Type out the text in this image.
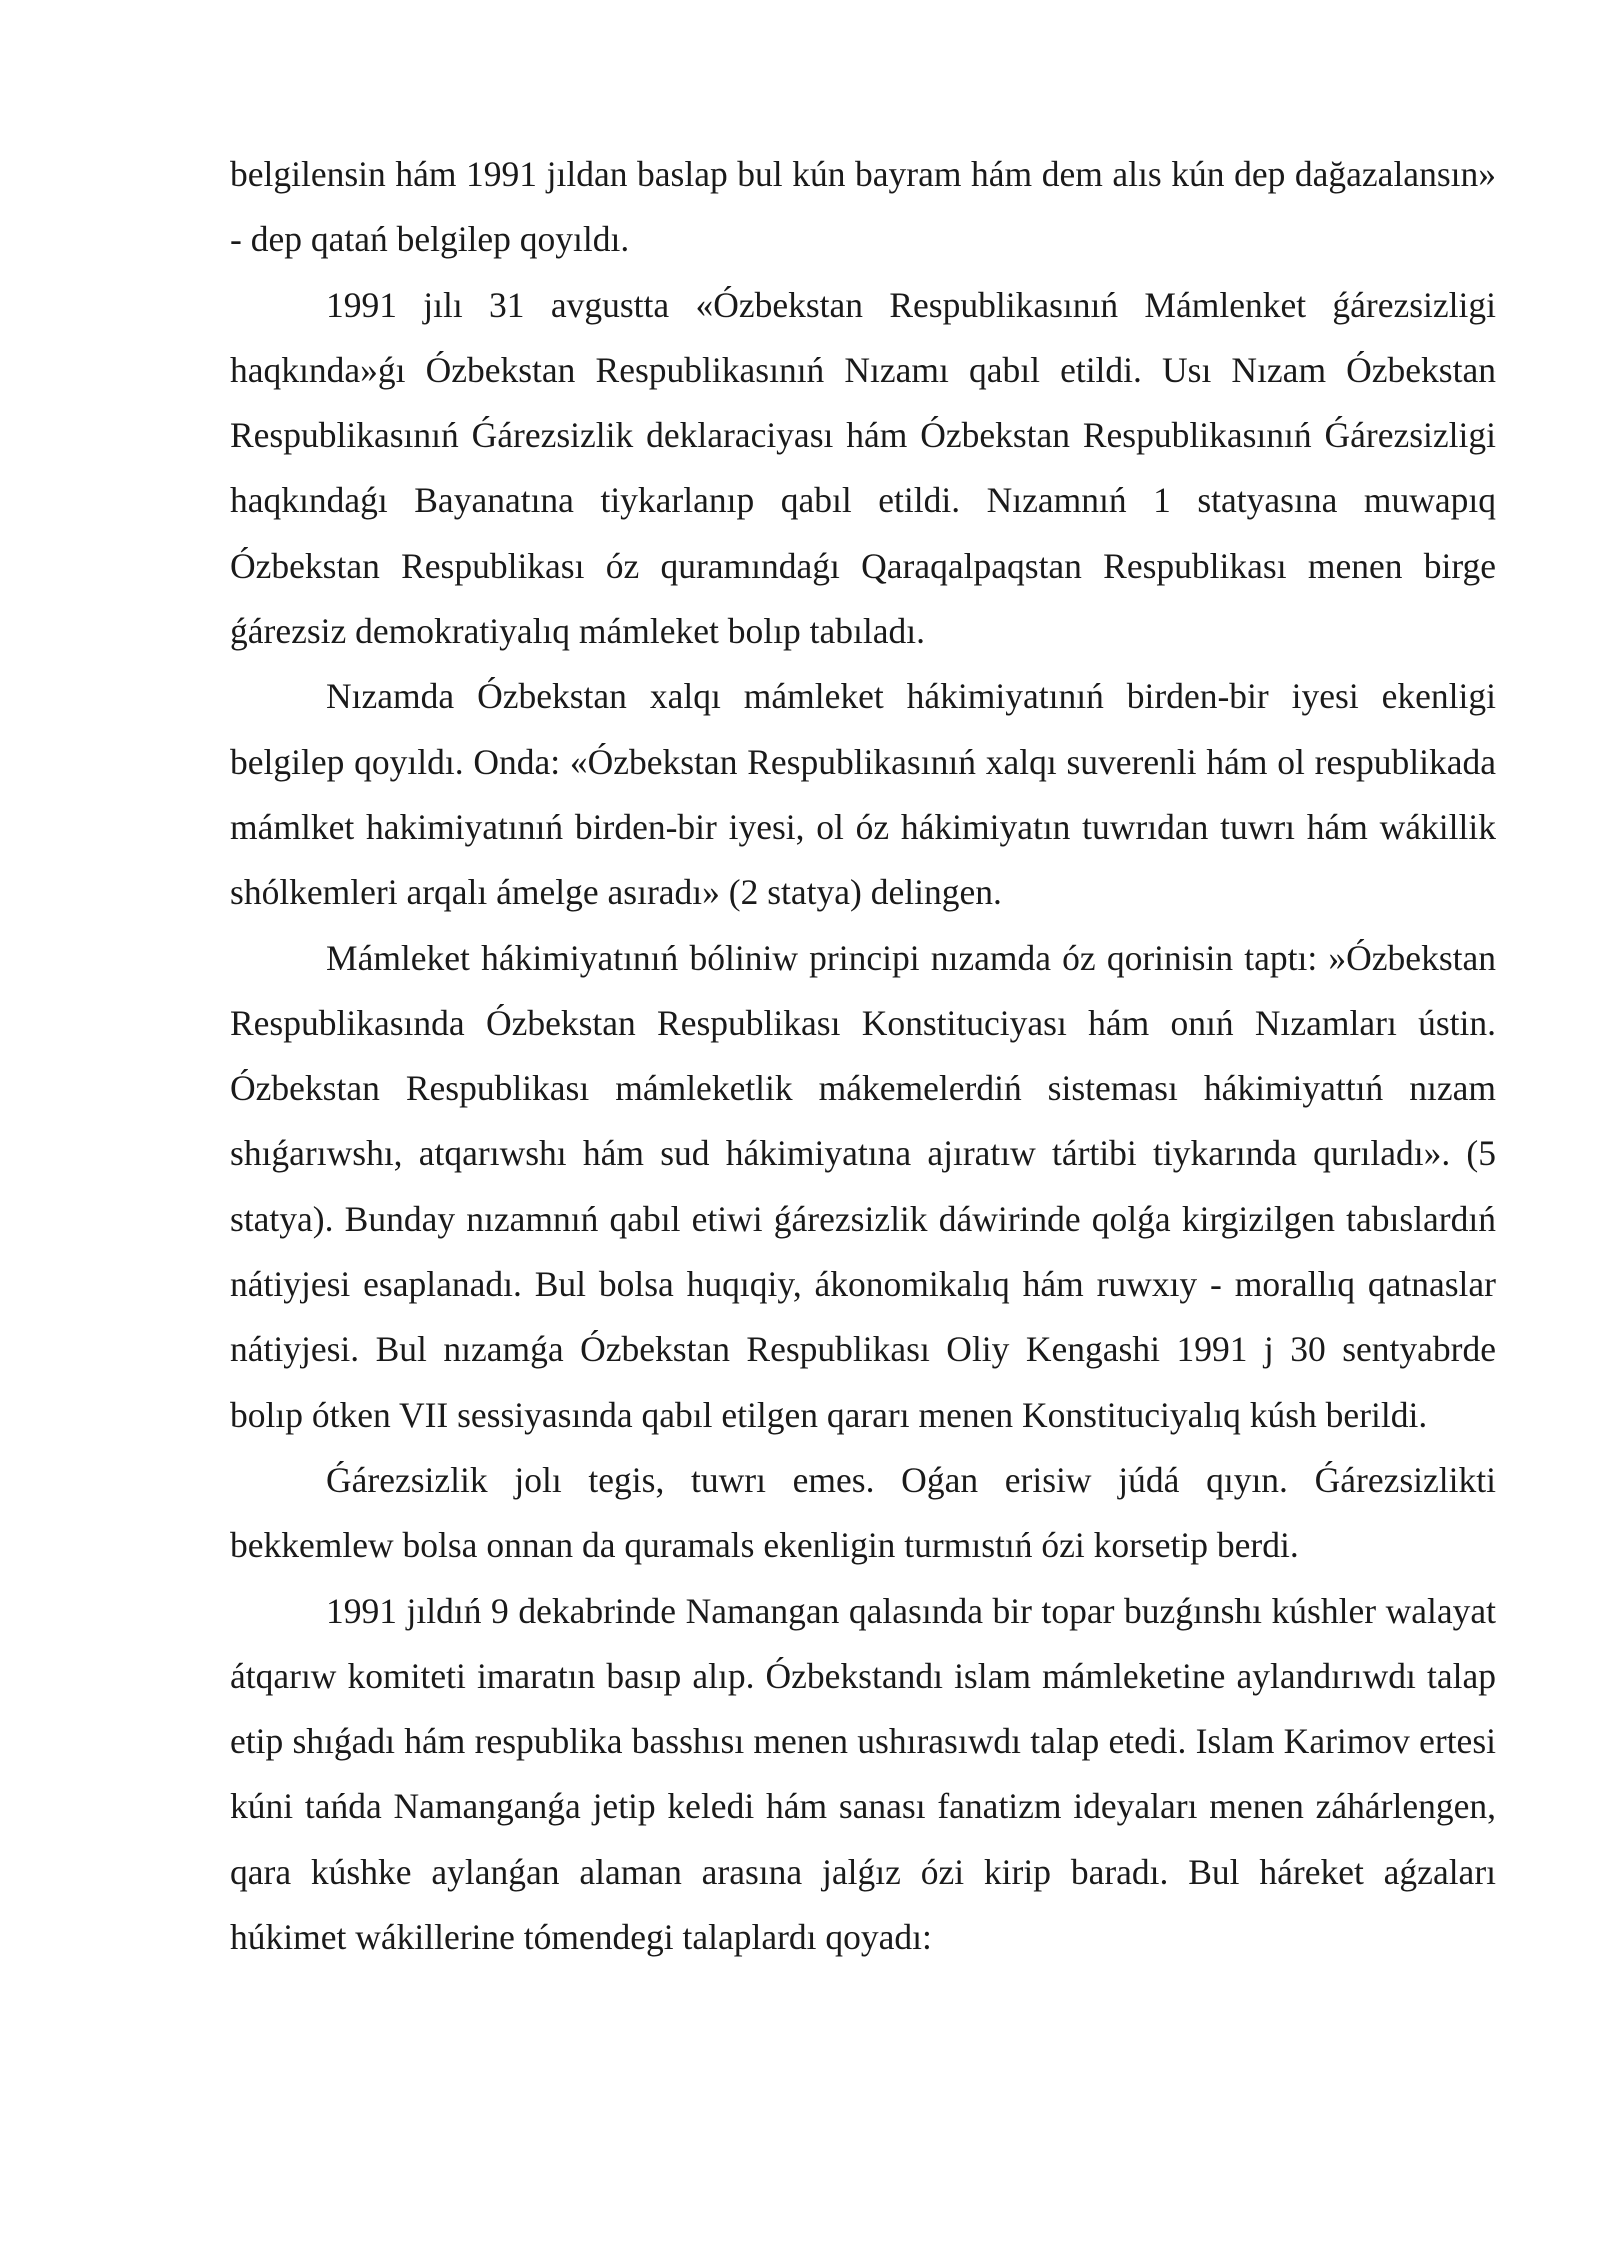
belgilensin hám 1991 jıldan baslap bul kún bayram hám dem alıs kún dep dağazalansın» - dep qatań belgilep qoyıldı.

1991 jılı 31 avgustta «Ózbekstan Respublikasınıń Mámlenket ǵárezsizligi haqkında»ǵı Ózbekstan Respublikasınıń Nızamı qabıl etildi. Usı Nızam Ózbekstan Respublikasınıń Ǵárezsizlik deklaraciyası hám Ózbekstan Respublikasınıń Ǵárezsizligi haqkındaǵı Bayanatına tiykarlanıp qabıl etildi. Nızamnıń 1 statyasına muwapıq Ózbekstan Respublikası óz quramındaǵı Qaraqalpaqstan Respublikası menen birge ǵárezsiz demokratiyalıq mámleket bolıp tabıladı.

Nızamda Ózbekstan xalqı mámleket hákimiyatınıń birden-bir iyesi ekenligi belgilep qoyıldı. Onda: «Ózbekstan Respublikasınıń xalqı suverenli hám ol respublikada mámlket hakimiyatınıń birden-bir iyesi, ol óz hákimiyatın tuwrıdan tuwrı hám wákillik shólkemleri arqalı ámelge asıradı» (2 statya) delingen.

Mámleket hákimiyatınıń bóliniw principi nızamda óz qorinisin taptı: »Ózbekstan Respublikasında Ózbekstan Respublikası Konstituciyası hám onıń Nızamları ústin. Ózbekstan Respublikası mámleketlik mákemelerdiń sisteması hákimiyattıń nızam shıǵarıwshı, atqarıwshı hám sud hákimiyatına ajıratıw tártibi tiykarında qurıladı». (5 statya). Bunday nızamnıń qabıl etiwi ǵárezsizlik dáwirinde qolǵa kirgizilgen tabıslardıń nátiyjesi esaplanadı. Bul bolsa huqıqiy, ákonomikalıq hám ruwxıy - morallıq qatnaslar nátiyjesi. Bul nızamǵa Ózbekstan Respublikası Oliy Kengashi 1991 j 30 sentyabrde bolıp ótken VII sessiyasında qabıl etilgen qararı menen Konstituciyalıq kúsh berildi.

Ǵárezsizlik jolı tegis, tuwrı emes. Oǵan erisiw júdá qıyın. Ǵárezsizlikti bekkemlew bolsa onnan da quramals ekenligin turmıstıń ózi korsetip berdi.

1991 jıldıń 9 dekabrinde Namangan qalasında bir topar buzǵınshı kúshler walayat átqarıw komiteti imaratın basıp alıp. Ózbekstandı islam mámleketine aylandırıwdı talap etip shıǵadı hám respublika basshısı menen ushırasıwdı talap etedi. Islam Karimov ertesi kúni tańda Namanganǵa jetip keledi hám sanası fanatizm ideyaları menen záhárlengen, qara kúshke aylanǵan alaman arasına jalǵız ózi kirip baradı. Bul háreket aǵzaları húkimet wákillerine tómendegi talaplardı qoyadı:
